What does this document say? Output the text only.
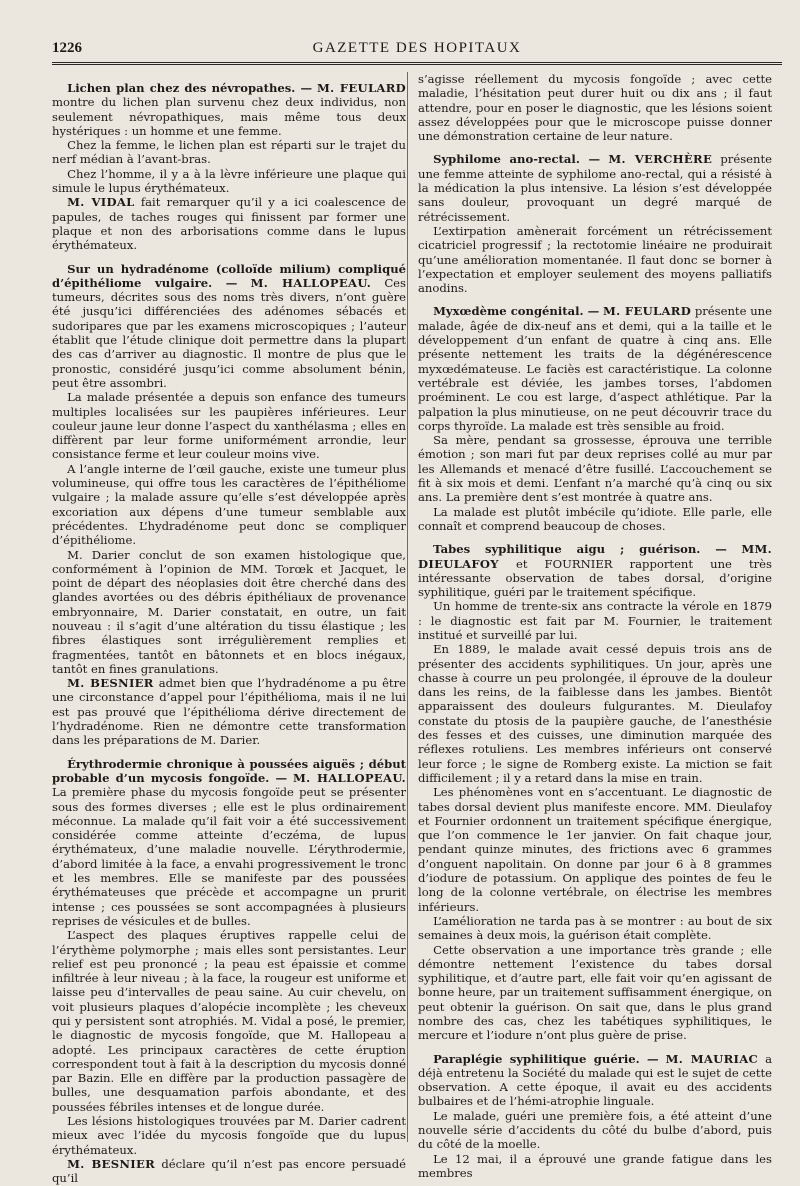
1226	GAZETTE DES HOPITAUX

Lichen plan chez des névropathes. — M. FEULARD montre du lichen plan survenu chez deux individus, non seulement névropathiques, mais même tous deux hystériques : un homme et une femme.

Chez la femme, le lichen plan est réparti sur le trajet du nerf médian à l’avant-bras.

Chez l’homme, il y a à la lèvre inférieure une plaque qui simule le lupus érythémateux.

M. VIDAL fait remarquer qu’il y a ici coalescence de papules, de taches rouges qui finissent par former une plaque et non des arborisations comme dans le lupus érythémateux.

Sur un hydradénome (colloïde milium) compliqué d’épithéliome vulgaire. — M. HALLOPEAU. Ces tumeurs, décrites sous des noms très divers, n’ont guère été jusqu’ici différenciées des adénomes sébacés et sudoripares que par les examens microscopiques ; l’auteur établit que l’étude clinique doit permettre dans la plupart des cas d’arriver au diagnostic. Il montre de plus que le pronostic, considéré jusqu’ici comme absolument bénin, peut être assombri.

La malade présentée a depuis son enfance des tumeurs multiples localisées sur les paupières inférieures. Leur couleur jaune leur donne l’aspect du xanthélasma ; elles en diffèrent par leur forme uniformément arrondie, leur consistance ferme et leur couleur moins vive.

A l’angle interne de l’œil gauche, existe une tumeur plus volumineuse, qui offre tous les caractères de l’épithéliome vulgaire ; la malade assure qu’elle s’est développée après excoriation aux dépens d’une tumeur semblable aux précédentes. L’hydradénome peut donc se compliquer d’épithéliome.

M. Darier conclut de son examen histologique que, conformément à l’opinion de MM. Torœk et Jacquet, le point de départ des néoplasies doit être cherché dans des glandes avortées ou des débris épithéliaux de provenance embryonnaire, M. Darier constatait, en outre, un fait nouveau : il s’agit d’une altération du tissu élastique ; les fibres élastiques sont irrégulièrement remplies et fragmentées, tantôt en bâtonnets et en blocs inégaux, tantôt en fines granulations.

M. BESNIER admet bien que l’hydradénome a pu être une circonstance d’appel pour l’épithélioma, mais il ne lui est pas prouvé que l’épithélioma dérive directement de l’hydradénome. Rien ne démontre cette transformation dans les préparations de M. Darier.

Érythrodermie chronique à poussées aiguës ; début probable d’un mycosis fongoïde. — M. HALLOPEAU. La première phase du mycosis fongoïde peut se présenter sous des formes diverses ; elle est le plus ordinairement méconnue. La malade qu’il fait voir a été successivement considérée comme atteinte d’eczéma, de lupus érythémateux, d’une maladie nouvelle. L’érythrodermie, d’abord limitée à la face, a envahi progressivement le tronc et les membres. Elle se manifeste par des poussées érythémateuses que précède et accompagne un prurit intense ; ces poussées se sont accompagnées à plusieurs reprises de vésicules et de bulles.

L’aspect des plaques éruptives rappelle celui de l’érythème polymorphe ; mais elles sont persistantes. Leur relief est peu prononcé ; la peau est épaissie et comme infiltrée à leur niveau ; à la face, la rougeur est uniforme et laisse peu d’intervalles de peau saine. Au cuir chevelu, on voit plusieurs plaques d’alopécie incomplète ; les cheveux qui y persistent sont atrophiés. M. Vidal a posé, le premier, le diagnostic de mycosis fongoïde, que M. Hallopeau a adopté. Les principaux caractères de cette éruption correspondent tout à fait à la description du mycosis donné par Bazin. Elle en diffère par la production passagère de bulles, une desquamation parfois abondante, et des poussées fébriles intenses et de longue durée.

Les lésions histologiques trouvées par M. Darier cadrent mieux avec l’idée du mycosis fongoïde que du lupus érythémateux.

M. BESNIER déclare qu’il n’est pas encore persuadé qu’il

s’agisse réellement du mycosis fongoïde ; avec cette maladie, l’hésitation peut durer huit ou dix ans ; il faut attendre, pour en poser le diagnostic, que les lésions soient assez développées pour que le microscope puisse donner une démonstration certaine de leur nature.

Syphilome ano-rectal. — M. VERCHÈRE présente une femme atteinte de syphilome ano-rectal, qui a résisté à la médication la plus intensive. La lésion s’est développée sans douleur, provoquant un degré marqué de rétrécissement.

L’extirpation amènerait forcément un rétrécissement cicatriciel progressif ; la rectotomie linéaire ne produirait qu’une amélioration momentanée. Il faut donc se borner à l’expectation et employer seulement des moyens palliatifs anodins.

Myxœdème congénital. — M. FEULARD présente une malade, âgée de dix-neuf ans et demi, qui a la taille et le développement d’un enfant de quatre à cinq ans. Elle présente nettement les traits de la dégénérescence myxœdémateuse. Le faciès est caractéristique. La colonne vertébrale est déviée, les jambes torses, l’abdomen proéminent. Le cou est large, d’aspect athlétique. Par la palpation la plus minutieuse, on ne peut découvrir trace du corps thyroïde. La malade est très sensible au froid.

Sa mère, pendant sa grossesse, éprouva une terrible émotion ; son mari fut par deux reprises collé au mur par les Allemands et menacé d’être fusillé. L’accouchement se fit à six mois et demi. L’enfant n’a marché qu’à cinq ou six ans. La première dent s’est montrée à quatre ans.

La malade est plutôt imbécile qu’idiote. Elle parle, elle connaît et comprend beaucoup de choses.

Tabes syphilitique aigu ; guérison. — MM. DIEULAFOY et FOURNIER rapportent une très intéressante observation de tabes dorsal, d’origine syphilitique, guéri par le traitement spécifique.

Un homme de trente-six ans contracte la vérole en 1879 : le diagnostic est fait par M. Fournier, le traitement institué et surveillé par lui.

En 1889, le malade avait cessé depuis trois ans de présenter des accidents syphilitiques. Un jour, après une chasse à courre un peu prolongée, il éprouve de la douleur dans les reins, de la faiblesse dans les jambes. Bientôt apparaissent des douleurs fulgurantes. M. Dieulafoy constate du ptosis de la paupière gauche, de l’anesthésie des fesses et des cuisses, une diminution marquée des réflexes rotuliens. Les membres inférieurs ont conservé leur force ; le signe de Romberg existe. La miction se fait difficilement ; il y a retard dans la mise en train.

Les phénomènes vont en s’accentuant. Le diagnostic de tabes dorsal devient plus manifeste encore. MM. Dieulafoy et Fournier ordonnent un traitement spécifique énergique, que l’on commence le 1er janvier. On fait chaque jour, pendant quinze minutes, des frictions avec 6 grammes d’onguent napolitain. On donne par jour 6 à 8 grammes d’iodure de potassium. On applique des pointes de feu le long de la colonne vertébrale, on électrise les membres inférieurs.

L’amélioration ne tarda pas à se montrer : au bout de six semaines à deux mois, la guérison était complète.

Cette observation a une importance très grande ; elle démontre nettement l’existence du tabes dorsal syphilitique, et d’autre part, elle fait voir qu’en agissant de bonne heure, par un traitement suffisamment énergique, on peut obtenir la guérison. On sait que, dans le plus grand nombre des cas, chez les tabétiques syphilitiques, le mercure et l’iodure n’ont plus guère de prise.

Paraplégie syphilitique guérie. — M. MAURIAC a déjà entretenu la Société du malade qui est le sujet de cette observation. A cette époque, il avait eu des accidents bulbaires et de l’hémi-atrophie linguale.

Le malade, guéri une première fois, a été atteint d’une nouvelle série d’accidents du côté du bulbe d’abord, puis du côté de la moelle.

Le 12 mai, il a éprouvé une grande fatigue dans les membres
